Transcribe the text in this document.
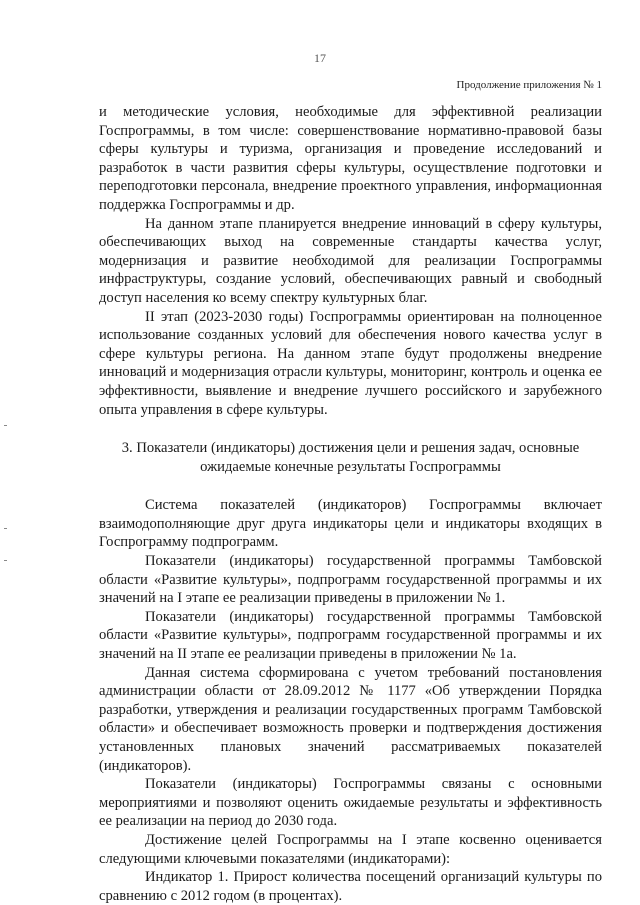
17
Продолжение приложения № 1

и методические условия, необходимые для эффективной реализации Госпрограммы, в том числе: совершенствование нормативно-правовой базы сферы культуры и туризма, организация и проведение исследований и разработок в части развития сферы культуры, осуществление подготовки и переподготовки персонала, внедрение проектного управления, информационная поддержка Госпрограммы и др.

На данном этапе планируется внедрение инноваций в сферу культуры, обеспечивающих выход на современные стандарты качества услуг, модернизация и развитие необходимой для реализации Госпрограммы инфраструктуры, создание условий, обеспечивающих равный и свободный доступ населения ко всему спектру культурных благ.

II этап (2023-2030 годы) Госпрограммы ориентирован на полноценное использование созданных условий для обеспечения нового качества услуг в сфере культуры региона. На данном этапе будут продолжены внедрение инноваций и модернизация отрасли культуры, мониторинг, контроль и оценка ее эффективности, выявление и внедрение лучшего российского и зарубежного опыта управления в сфере культуры.

3. Показатели (индикаторы) достижения цели и решения задач, основные ожидаемые конечные результаты Госпрограммы

Система показателей (индикаторов) Госпрограммы включает взаимодополняющие друг друга индикаторы цели и индикаторы входящих в Госпрограмму подпрограмм.

Показатели (индикаторы) государственной программы Тамбовской области «Развитие культуры», подпрограмм государственной программы и их значений на I этапе ее реализации приведены в приложении № 1.

Показатели (индикаторы) государственной программы Тамбовской области «Развитие культуры», подпрограмм государственной программы и их значений на II этапе ее реализации приведены в приложении № 1а.

Данная система сформирована с учетом требований постановления администрации области от 28.09.2012 № 1177 «Об утверждении Порядка разработки, утверждения и реализации государственных программ Тамбовской области» и обеспечивает возможность проверки и подтверждения достижения установленных плановых значений рассматриваемых показателей (индикаторов).

Показатели (индикаторы) Госпрограммы связаны с основными мероприятиями и позволяют оценить ожидаемые результаты и эффективность ее реализации на период до 2030 года.

Достижение целей Госпрограммы на I этапе косвенно оценивается следующими ключевыми показателями (индикаторами):

Индикатор 1. Прирост количества посещений организаций культуры по сравнению с 2012 годом (в процентах).
